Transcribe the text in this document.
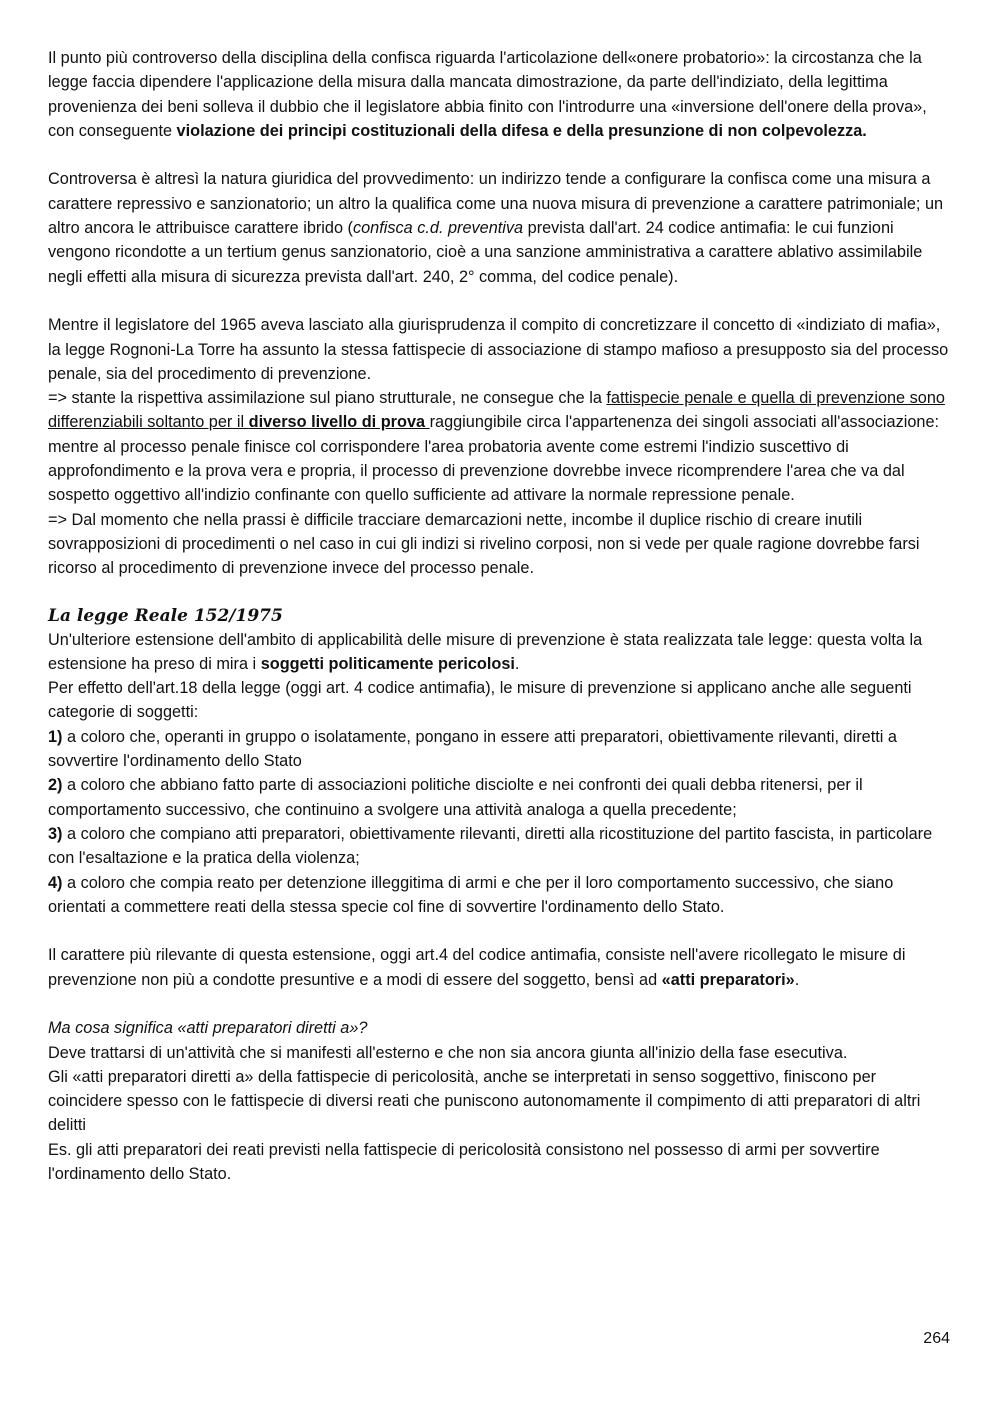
Il punto più controverso della disciplina della confisca riguarda l'articolazione dell«onere probatorio»: la circostanza che la legge faccia dipendere l'applicazione della misura dalla mancata dimostrazione, da parte dell'indiziato, della legittima provenienza dei beni solleva il dubbio che il legislatore abbia finito con l'introdurre una «inversione dell'onere della prova», con conseguente violazione dei principi costituzionali della difesa e della presunzione di non colpevolezza.

Controversa è altresì la natura giuridica del provvedimento: un indirizzo tende a configurare la confisca come una misura a carattere repressivo e sanzionatorio; un altro la qualifica come una nuova misura di prevenzione a carattere patrimoniale; un altro ancora le attribuisce carattere ibrido (confisca c.d. preventiva prevista dall'art. 24 codice antimafia: le cui funzioni vengono ricondotte a un tertium genus sanzionatorio, cioè a una sanzione amministrativa a carattere ablativo assimilabile negli effetti alla misura di sicurezza prevista dall'art. 240, 2° comma, del codice penale).

Mentre il legislatore del 1965 aveva lasciato alla giurisprudenza il compito di concretizzare il concetto di «indiziato di mafia», la legge Rognoni-La Torre ha assunto la stessa fattispecie di associazione di stampo mafioso a presupposto sia del processo penale, sia del procedimento di prevenzione.

=> stante la rispettiva assimilazione sul piano strutturale, ne consegue che la fattispecie penale e quella di prevenzione sono differenziabili soltanto per il diverso livello di prova raggiungibile circa l'appartenenza dei singoli associati all'associazione: mentre al processo penale finisce col corrispondere l'area probatoria avente come estremi l'indizio suscettivo di approfondimento e la prova vera e propria, il processo di prevenzione dovrebbe invece ricomprendere l'area che va dal sospetto oggettivo all'indizio confinante con quello sufficiente ad attivare la normale repressione penale.

=> Dal momento che nella prassi è difficile tracciare demarcazioni nette, incombe il duplice rischio di creare inutili sovrapposizioni di procedimenti o nel caso in cui gli indizi si rivelino corposi, non si vede per quale ragione dovrebbe farsi ricorso al procedimento di prevenzione invece del processo penale.

La legge Reale 152/1975

Un'ulteriore estensione dell'ambito di applicabilità delle misure di prevenzione è stata realizzata tale legge: questa volta la estensione ha preso di mira i soggetti politicamente pericolosi.

Per effetto dell'art.18 della legge (oggi art. 4 codice antimafia), le misure di prevenzione si applicano anche alle seguenti categorie di soggetti:

1) a coloro che, operanti in gruppo o isolatamente, pongano in essere atti preparatori, obiettivamente rilevanti, diretti a sovvertire l'ordinamento dello Stato

2) a coloro che abbiano fatto parte di associazioni politiche disciolte e nei confronti dei quali debba ritenersi, per il comportamento successivo, che continuino a svolgere una attività analoga a quella precedente;

3) a coloro che compiano atti preparatori, obiettivamente rilevanti, diretti alla ricostituzione del partito fascista, in particolare con l'esaltazione e la pratica della violenza;

4) a coloro che compia reato per detenzione illeggitima di armi e che per il loro comportamento successivo, che siano orientati a commettere reati della stessa specie col fine di sovvertire l'ordinamento dello Stato.

Il carattere più rilevante di questa estensione, oggi art.4 del codice antimafia, consiste nell'avere ricollegato le misure di prevenzione non più a condotte presuntive e a modi di essere del soggetto, bensì ad «atti preparatori».

Ma cosa significa «atti preparatori diretti a»?

Deve trattarsi di un'attività che si manifesti all'esterno e che non sia ancora giunta all'inizio della fase esecutiva.

Gli «atti preparatori diretti a» della fattispecie di pericolosità, anche se interpretati in senso soggettivo, finiscono per coincidere spesso con le fattispecie di diversi reati che puniscono autonomamente il compimento di atti preparatori di altri delitti

Es. gli atti preparatori dei reati previsti nella fattispecie di pericolosità consistono nel possesso di armi per sovvertire l'ordinamento dello Stato.

264
